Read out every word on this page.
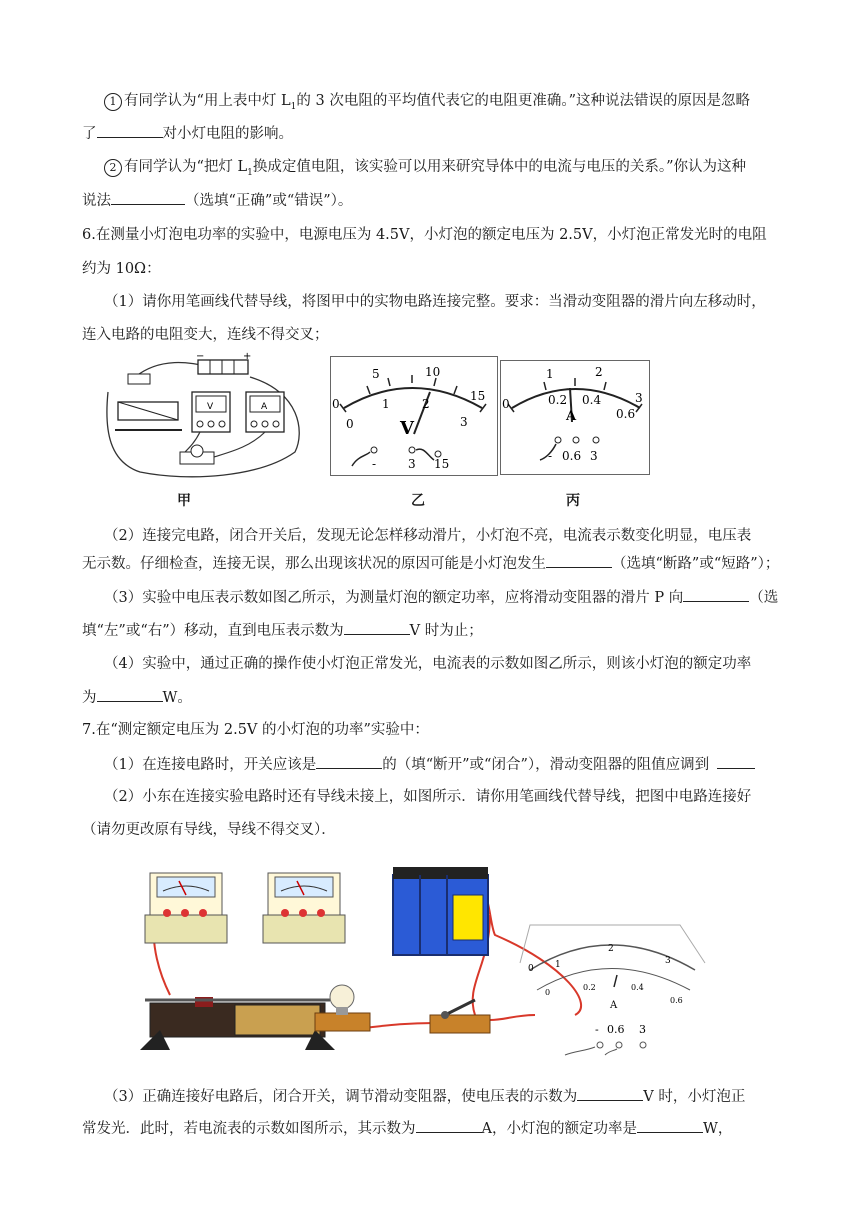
1 有同学认为“用上表中灯 $L_1$的 3 次电阻的平均值代表它的电阻更准确。”这种说法错误的原因是忽略
了	对小灯电阻的影响。
2 有同学认为“把灯 $L_1$换成定值电阻，该实验可以用来研究导体中的电流与电压的关系。”你认为这种
说法	（选填“正确”或“错误”）。
6.在测量小灯泡电功率的实验中，电源电压为 4.5V，小灯泡的额定电压为 2.5V，小灯泡正常发光时的电阻
约为 10Ω：
（1）请你用笔画线代替导线，将图甲中的实物电路连接完整。要求：当滑动变阻器的滑片向左移动时，
连入电路的电阻变大，连线不得交叉；
−	+
V	A
甲
5	10
15
0
0
1	2
3
V
-	3 15
乙
1	2
3
0	0.2 0.4
0.6
A
- 0.6 3
丙
（2）连接完电路，闭合开关后，发现无论怎样移动滑片，小灯泡不亮，电流表示数变化明显，电压表
无示数。仔细检查，连接无误，那么出现该状况的原因可能是小灯泡发生	（选填“断路”或“短路”）；
（3）实验中电压表示数如图乙所示，为测量灯泡的额定功率，应将滑动变阻器的滑片 P 向	（选
填“左”或“右”）移动，直到电压表示数为	V 时为止；
（4）实验中，通过正确的操作使小灯泡正常发光，电流表的示数如图乙所示，则该小灯泡的额定功率
为	W。
7.在“测定额定电压为 2.5V 的小灯泡的功率”实验中：
（1）在连接电路时，开关应该是	的（填“断开”或“闭合”），滑动变阻器的阻值应调到
（2）小东在连接实验电路时还有导线未接上，如图所示．请你用笔画线代替导线，把图中电路连接好
（请勿更改原有导线，导线不得交叉）．
1
2
3
0
0
0.2	0.4
0.6
A
- 0.6 3
（3）正确连接好电路后，闭合开关，调节滑动变阻器，使电压表的示数为	V 时，小灯泡正
常发光．此时，若电流表的示数如图所示，其示数为	A，小灯泡的额定功率是	W，
